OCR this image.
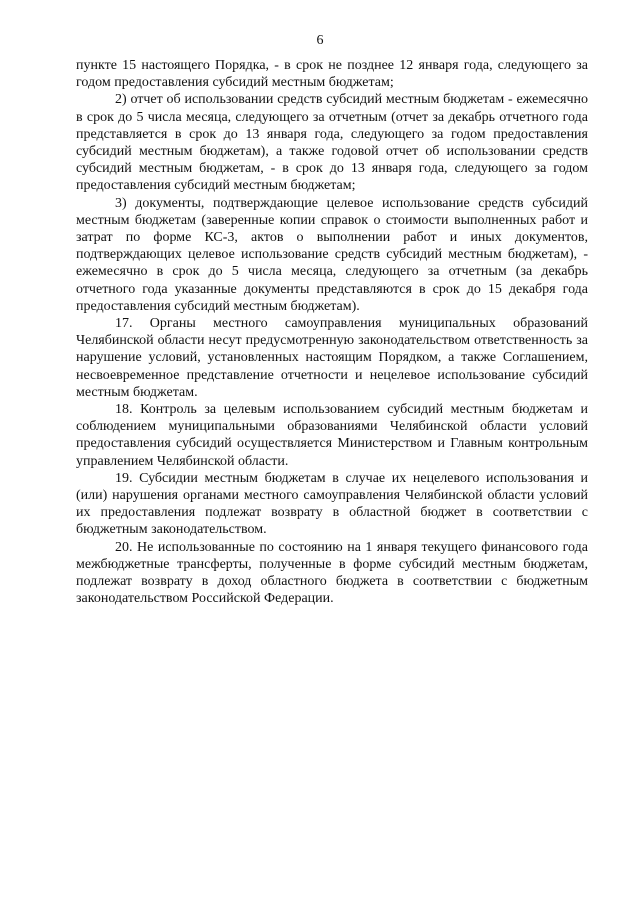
6

пункте 15 настоящего Порядка, - в срок не позднее 12 января года, следующего за годом предоставления субсидий местным бюджетам;

2) отчет об использовании средств субсидий местным бюджетам - ежемесячно в срок до 5 числа месяца, следующего за отчетным (отчет за декабрь отчетного года представляется в срок до 13 января года, следующего за годом предоставления субсидий местным бюджетам), а также годовой отчет об использовании средств субсидий местным бюджетам, - в срок до 13 января года, следующего за годом предоставления субсидий местным бюджетам;

3) документы, подтверждающие целевое использование средств субсидий местным бюджетам (заверенные копии справок о стоимости выполненных работ и затрат по форме КС-3, актов о выполнении работ и иных документов, подтверждающих целевое использование средств субсидий местным бюджетам), - ежемесячно в срок до 5 числа месяца, следующего за отчетным (за декабрь отчетного года указанные документы представляются в срок до 15 декабря года предоставления субсидий местным бюджетам).

17. Органы местного самоуправления муниципальных образований Челябинской области несут предусмотренную законодательством ответственность за нарушение условий, установленных настоящим Порядком, а также Соглашением, несвоевременное представление отчетности и нецелевое использование субсидий местным бюджетам.

18. Контроль за целевым использованием субсидий местным бюджетам и соблюдением муниципальными образованиями Челябинской области условий предоставления субсидий осуществляется Министерством и Главным контрольным управлением Челябинской области.

19. Субсидии местным бюджетам в случае их нецелевого использования и (или) нарушения органами местного самоуправления Челябинской области условий их предоставления подлежат возврату в областной бюджет в соответствии с бюджетным законодательством.

20. Не использованные по состоянию на 1 января текущего финансового года межбюджетные трансферты, полученные в форме субсидий местным бюджетам, подлежат возврату в доход областного бюджета в соответствии с бюджетным законодательством Российской Федерации.
